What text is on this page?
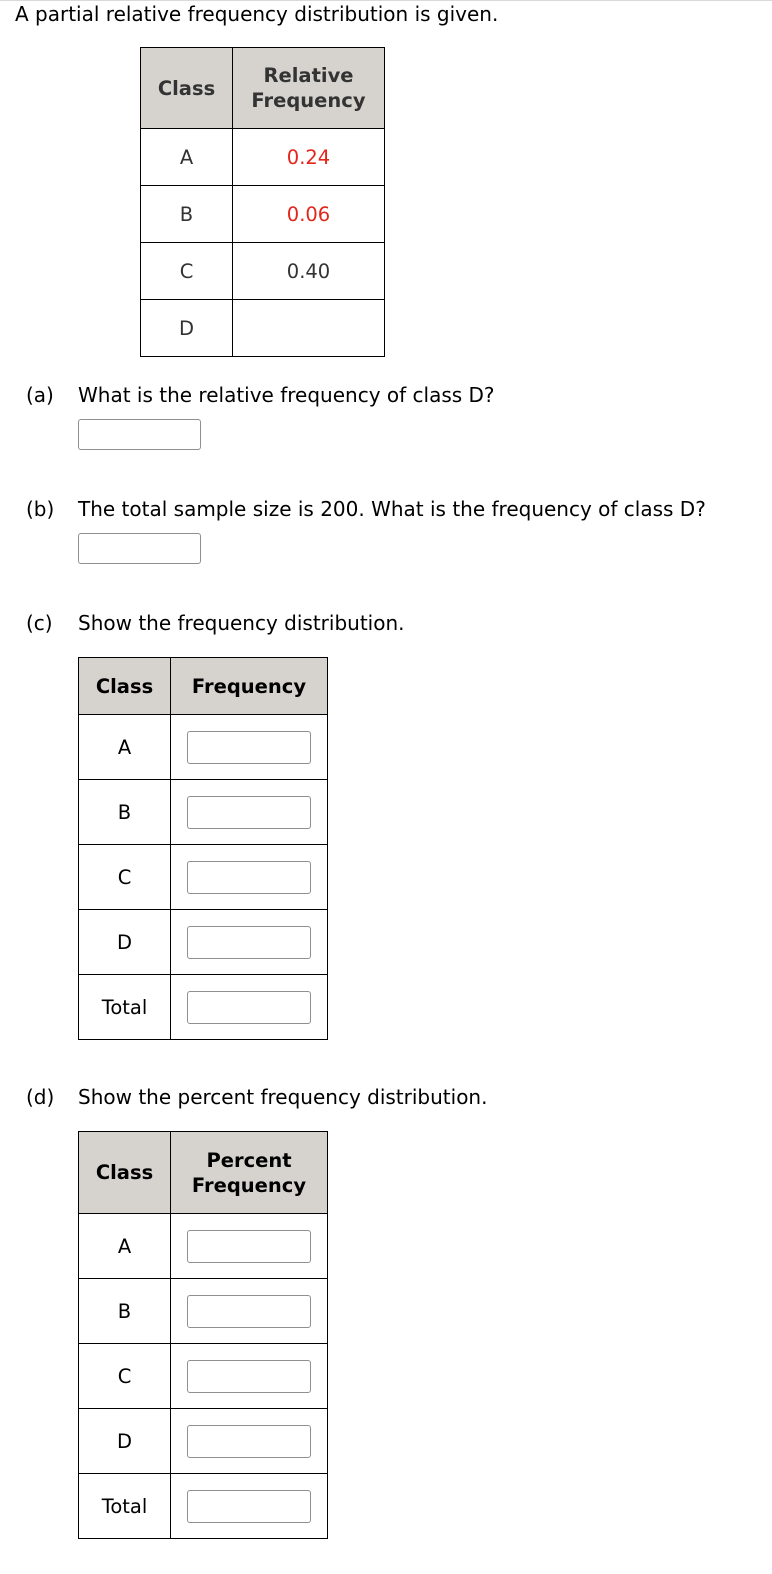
A partial relative frequency distribution is given.
Class	Relative
Frequency
A	0.24
B	0.06
C	0.40
D	
(a) What is the relative frequency of class D?
(b) The total sample size is 200. What is the frequency of class D?
(c) Show the frequency distribution.
Class	Frequency
A	

B	

C	

D	

Total	
(d) Show the percent frequency distribution.
Class	Percent
Frequency
A	

B	

C	

D	

Total	
